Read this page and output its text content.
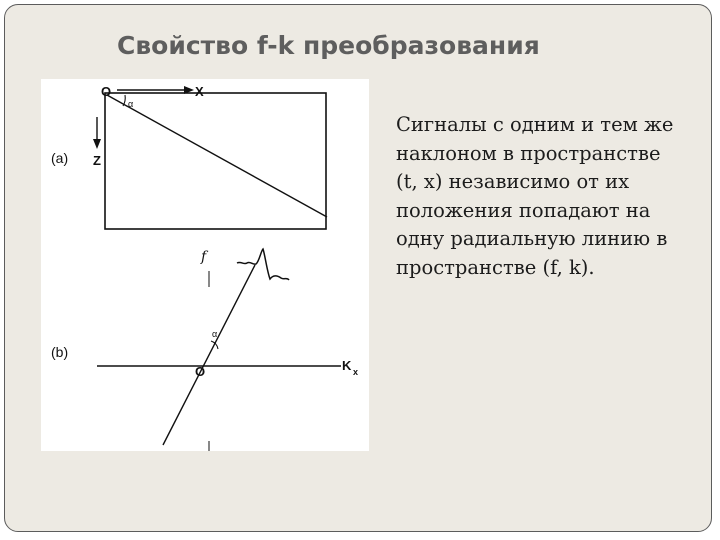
Свойство f-k преобразования
(a)
O	X
Z
α
f
(b)
O	K x
α
Сигналы с одним и тем же
наклоном в пространстве
(t, x) независимо от их
положения попадают на
одну радиальную линию в
пространстве (f, k).
